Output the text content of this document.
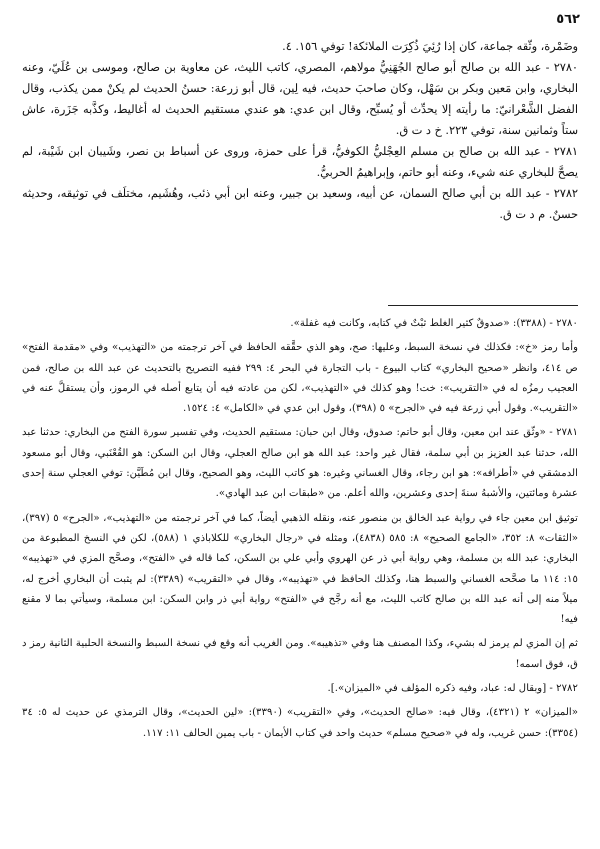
٥٦٢

وضَمْرة، وثّقه جماعة، كان إذا رُئِيَ ذُكِرَت الملائكة! توفي ١٥٦. ٤.

٢٧٨٠ - عبد الله بن صالح أبو صالح الجُهَنِيُّ مولاهم، المصري، كاتب الليث، عن معاوية بن صالح، وموسى بن عُلَيّ، وعنه البخاري، وابن مَعين وبكر بن سَهْل، وكان صاحبَ حديث، فيه لِين، قال أبو زرعة: حسنُ الحديث لم يكنْ ممن يكذب، وقال الفضل الشَّعْرانيّ: ما رأيته إلا يحدِّث أو يُسبِّح، وقال ابن عدي: هو عندي مستقيم الحديث له أغاليط، وكذَّبه جَزَرة، عاش ستاً وثمانين سنة، توفي ٢٢٣. خ د ت ق.

٢٧٨١ - عبد الله بن صالح بن مسلم العِجْليُّ الكوفيُّ، قرأ على حمزة، وروى عن أسباط بن نصر، وشَيبان ابن شَيْبة، لم يصحَّ للبخاري عنه شيء، وعنه أبو حاتم، وإبراهيمُ الحربيُّ.

٢٧٨٢ - عبد الله بن أبي صالح السمان، عن أبيه، وسعيد بن جبير، وعنه ابن أبي ذئب، وهُشَيم، مختلَف في توثيقه، وحديثه حسنٌ. م د ت ق.

٢٧٨٠ - (٣٣٨٨): «صدوقٌ كثير الغلط ثبْتٌ في كتابه، وكانت فيه غفلة».

وأما رمز «خ»: فكذلك في نسخة السبط، وعليها: صح، وهو الذي حقَّقه الحافظ في آخر ترجمته من «التهذيب» وفي «مقدمة الفتح» ص ٤١٤، وانظر «صحيح البخاري» كتاب البيوع - باب التجارة في البحر ٤: ٢٩٩ ففيه التصريح بالتحديث عن عبد الله بن صالح، فمن العجيب رمزُه له في «التقريب»: خت! وهو كذلك في «التهذيب»، لكن من عادته فيه أن يتابع أصله في الرموز، وأن يستقلَّ عنه في «التقريب». وقول أبي زرعة فيه في «الجرح» ٥ (٣٩٨)، وقول ابن عدي في «الكامل» ٤: ١٥٢٤.

٢٧٨١ - «وثّق عند ابن معين، وقال أبو حاتم: صدوق، وقال ابن حبان: مستقيم الحديث، وفي تفسير سورة الفتح من البخاري: حدثنا عبد الله، حدثنا عبد العزيز بن أبي سلمة، فقال غير واحد: عبد الله هو ابن صالح العجلي، وقال ابن السكن: هو القُعْنَبي، وقال أبو مسعود الدمشقي في «أطرافه»: هو ابن رجاء، وقال الغساني وغيره: هو كاتب الليث، وهو الصحيح، وقال ابن مُطَيَّن: توفي العجلي سنة إحدى عشرة ومائتين، والأشبهُ سنةَ إحدى وعشرين، والله أعلم. من «طبقات ابن عبد الهادي».

توثيق ابن معين جاء في رواية عبد الخالق بن منصور عنه، ونقله الذهبي أيضاً، كما في آخر ترجمته من «التهذيب»، «الجرح» ٥ (٣٩٧)، «الثقات» ٨: ٣٥٢، «الجامع الصحيح» ٨: ٥٨٥ (٤٨٣٨)، ومثله في «رجال البخاري» للكلاباذي ١ (٥٨٨)، لكن في النسخ المطبوعة من البخاري: عبد الله بن مسلمة، وهي رواية أبي ذر عن الهروي وأبي علي بن السكن، كما قاله في «الفتح»، وصحَّح المزي في «تهذيبه» ١٥: ١١٤ ما صحَّحه الغساني والسبط هنا، وكذلك الحافظ في «تهذيبه»، وقال في «التقريب» (٣٣٨٩): لم يثبت أن البخاري أخرج له، ميلاً منه إلى أنه عبد الله بن صالح كاتب الليث، مع أنه رجَّح في «الفتح» رواية أبي ذر وابن السكن: ابن مسلمة، وسيأتي بما لا مقنع فيه!

ثم إن المزي لم يرمز له بشيء، وكذا المصنف هنا وفي «تذهيبه». ومن الغريب أنه وقع في نسخة السبط والنسخة الحلبية الثانية رمز د ق، فوق اسمه!

٢٧٨٢ - [وبقال له: عباد، وفيه ذكره المؤلف في «الميزان».].

«الميزان» ٢ (٤٣٢١)، وقال فيه: «صالح الحديث»، وفي «التقريب» (٣٣٩٠): «لين الحديث»، وقال الترمذي عن حديث له ٥: ٣٤ (٣٣٥٤): حسن غريب، وله في «صحيح مسلم» حديث واحد في كتاب الأيمان - باب يمين الحالف ١١: ١١٧.
